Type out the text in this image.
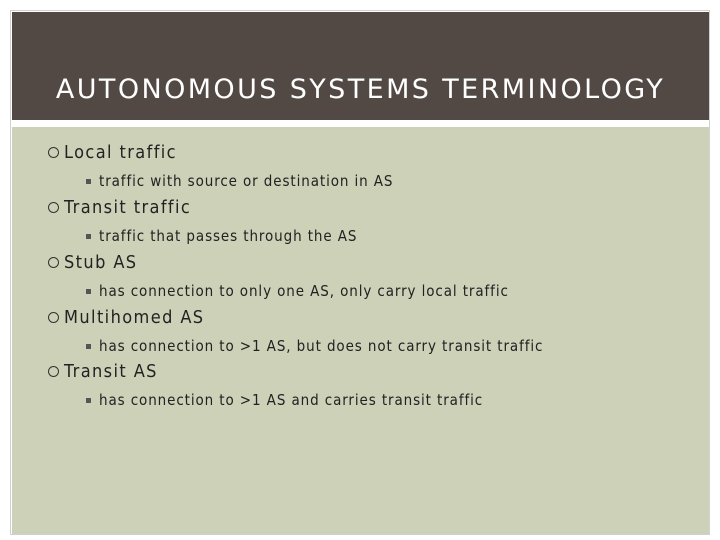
AUTONOMOUS SYSTEMS TERMINOLOGY
Local traffic
traffic with source or destination in AS
Transit traffic
traffic that passes through the AS
Stub AS
has connection to only one AS, only carry local traffic
Multihomed AS
has connection to >1 AS, but does not carry transit traffic
Transit AS
has connection to >1 AS and carries transit traffic
